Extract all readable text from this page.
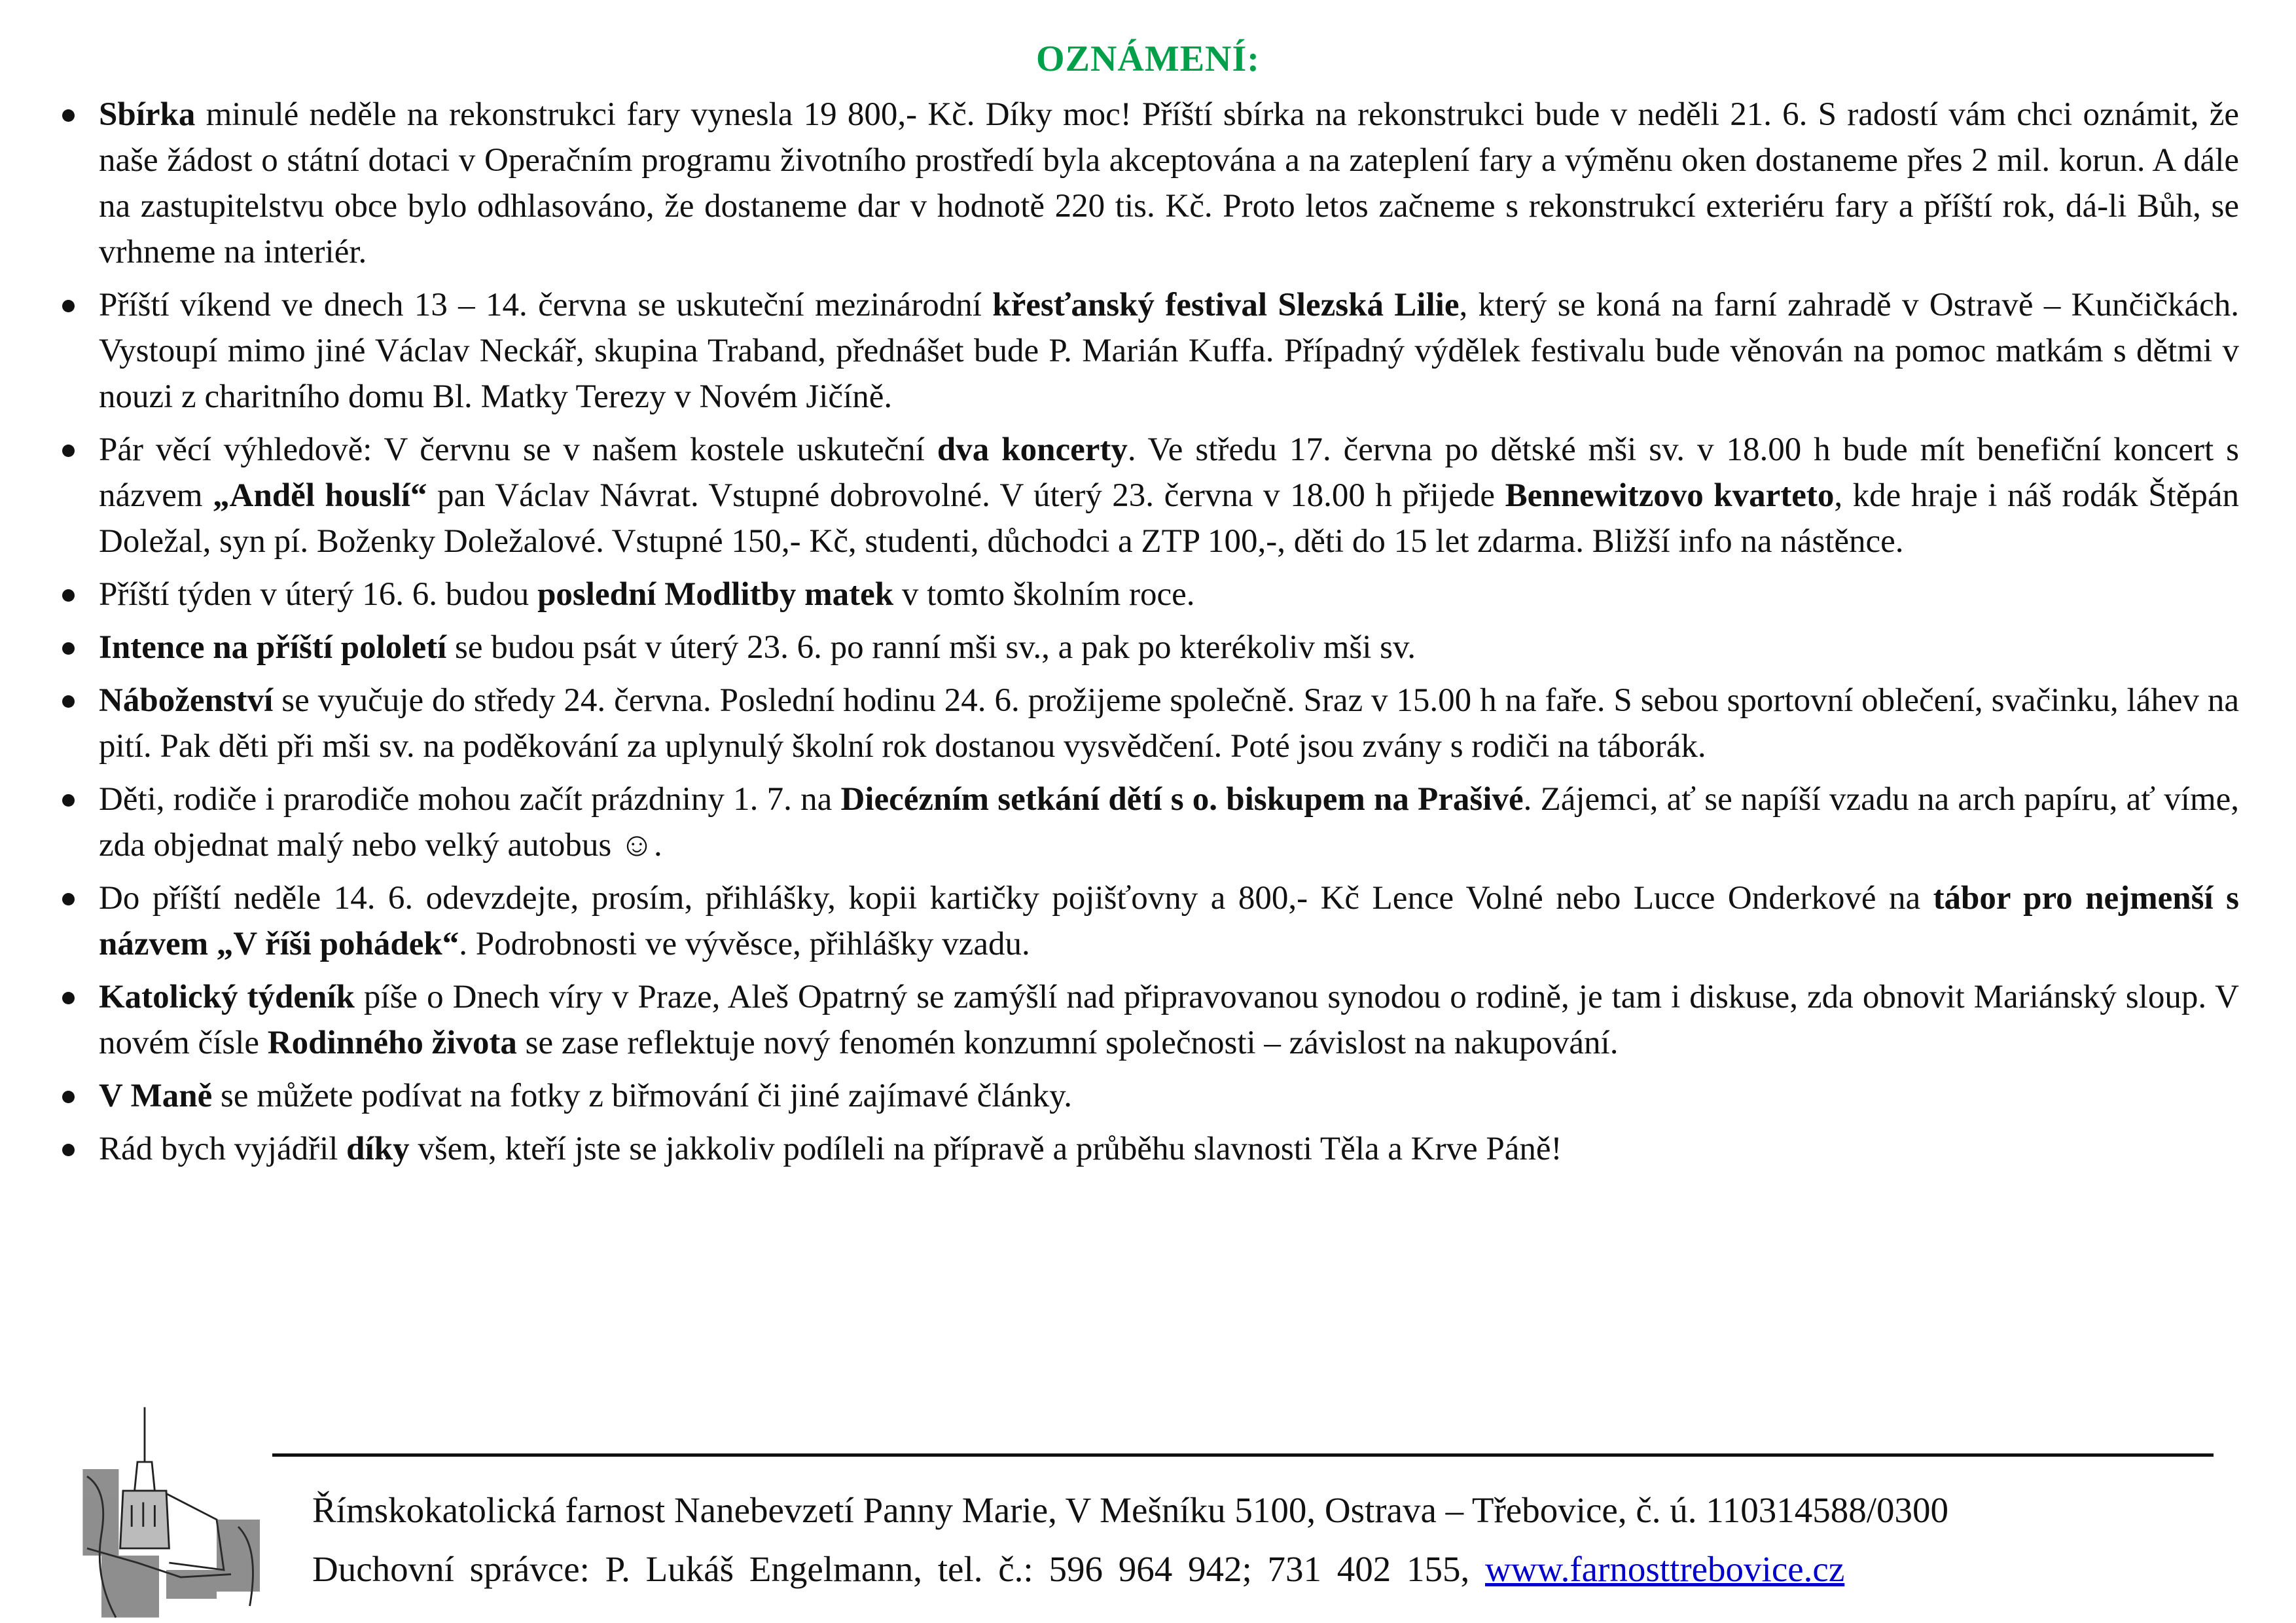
OZNÁMENÍ:
Sbírka minulé neděle na rekonstrukci fary vynesla 19 800,- Kč. Díky moc! Příští sbírka na rekonstrukci bude v neděli 21. 6. S radostí vám chci oznámit, že naše žádost o státní dotaci v Operačním programu životního prostředí byla akceptována a na zateplení fary a výměnu oken dostaneme přes 2 mil. korun. A dále na zastupitelstvu obce bylo odhlasováno, že dostaneme dar v hodnotě 220 tis. Kč. Proto letos začneme s rekonstrukcí exteriéru fary a příští rok, dá-li Bůh, se vrhneme na interiér.
Příští víkend ve dnech 13 – 14. června se uskuteční mezinárodní křesťanský festival Slezská Lilie, který se koná na farní zahradě v Ostravě – Kunčičkách. Vystoupí mimo jiné Václav Neckář, skupina Traband, přednášet bude P. Marián Kuffa. Případný výdělek festivalu bude věnován na pomoc matkám s dětmi v nouzi z charitního domu Bl. Matky Terezy v Novém Jičíně.
Pár věcí výhledově: V červnu se v našem kostele uskuteční dva koncerty. Ve středu 17. června po dětské mši sv. v 18.00 h bude mít benefiční koncert s názvem „Anděl houslí“ pan Václav Návrat. Vstupné dobrovolné. V úterý 23. června v 18.00 h přijede Bennewitzovo kvarteto, kde hraje i náš rodák Štěpán Doležal, syn pí. Boženky Doležalové. Vstupné 150,- Kč, studenti, důchodci a ZTP 100,-, děti do 15 let zdarma. Bližší info na nástěnce.
Příští týden v úterý 16. 6. budou poslední Modlitby matek v tomto školním roce.
Intence na příští pololetí se budou psát v úterý 23. 6. po ranní mši sv., a pak po kterékoliv mši sv.
Náboženství se vyučuje do středy 24. června. Poslední hodinu 24. 6. prožijeme společně. Sraz v 15.00 h na faře. S sebou sportovní oblečení, svačinku, láhev na pití. Pak děti při mši sv. na poděkování za uplynulý školní rok dostanou vysvědčení. Poté jsou zvány s rodiči na táborák.
Děti, rodiče i prarodiče mohou začít prázdniny 1. 7. na Diecézním setkání dětí s o. biskupem na Prašivé. Zájemci, ať se napíší vzadu na arch papíru, ať víme, zda objednat malý nebo velký autobus ☺.
Do příští neděle 14. 6. odevzdejte, prosím, přihlášky, kopii kartičky pojišťovny a 800,- Kč Lence Volné nebo Lucce Onderkové na tábor pro nejmenší s názvem „V říši pohádek“. Podrobnosti ve vývěsce, přihlášky vzadu.
Katolický týdeník píše o Dnech víry v Praze, Aleš Opatrný se zamýšlí nad připravovanou synodou o rodině, je tam i diskuse, zda obnovit Mariánský sloup. V novém čísle Rodinného života se zase reflektuje nový fenomén konzumní společnosti – závislost na nakupování.
V Maně se můžete podívat na fotky z biřmování či jiné zajímavé články.
Rád bych vyjádřil díky všem, kteří jste se jakkoliv podíleli na přípravě a průběhu slavnosti Těla a Krve Páně!
Římskokatolická farnost Nanebevzetí Panny Marie, V Mešníku 5100, Ostrava – Třebovice, č. ú. 110314588/0300
Duchovní správce: P. Lukáš Engelmann, tel. č.: 596 964 942; 731 402 155, www.farnosttrebovice.cz
